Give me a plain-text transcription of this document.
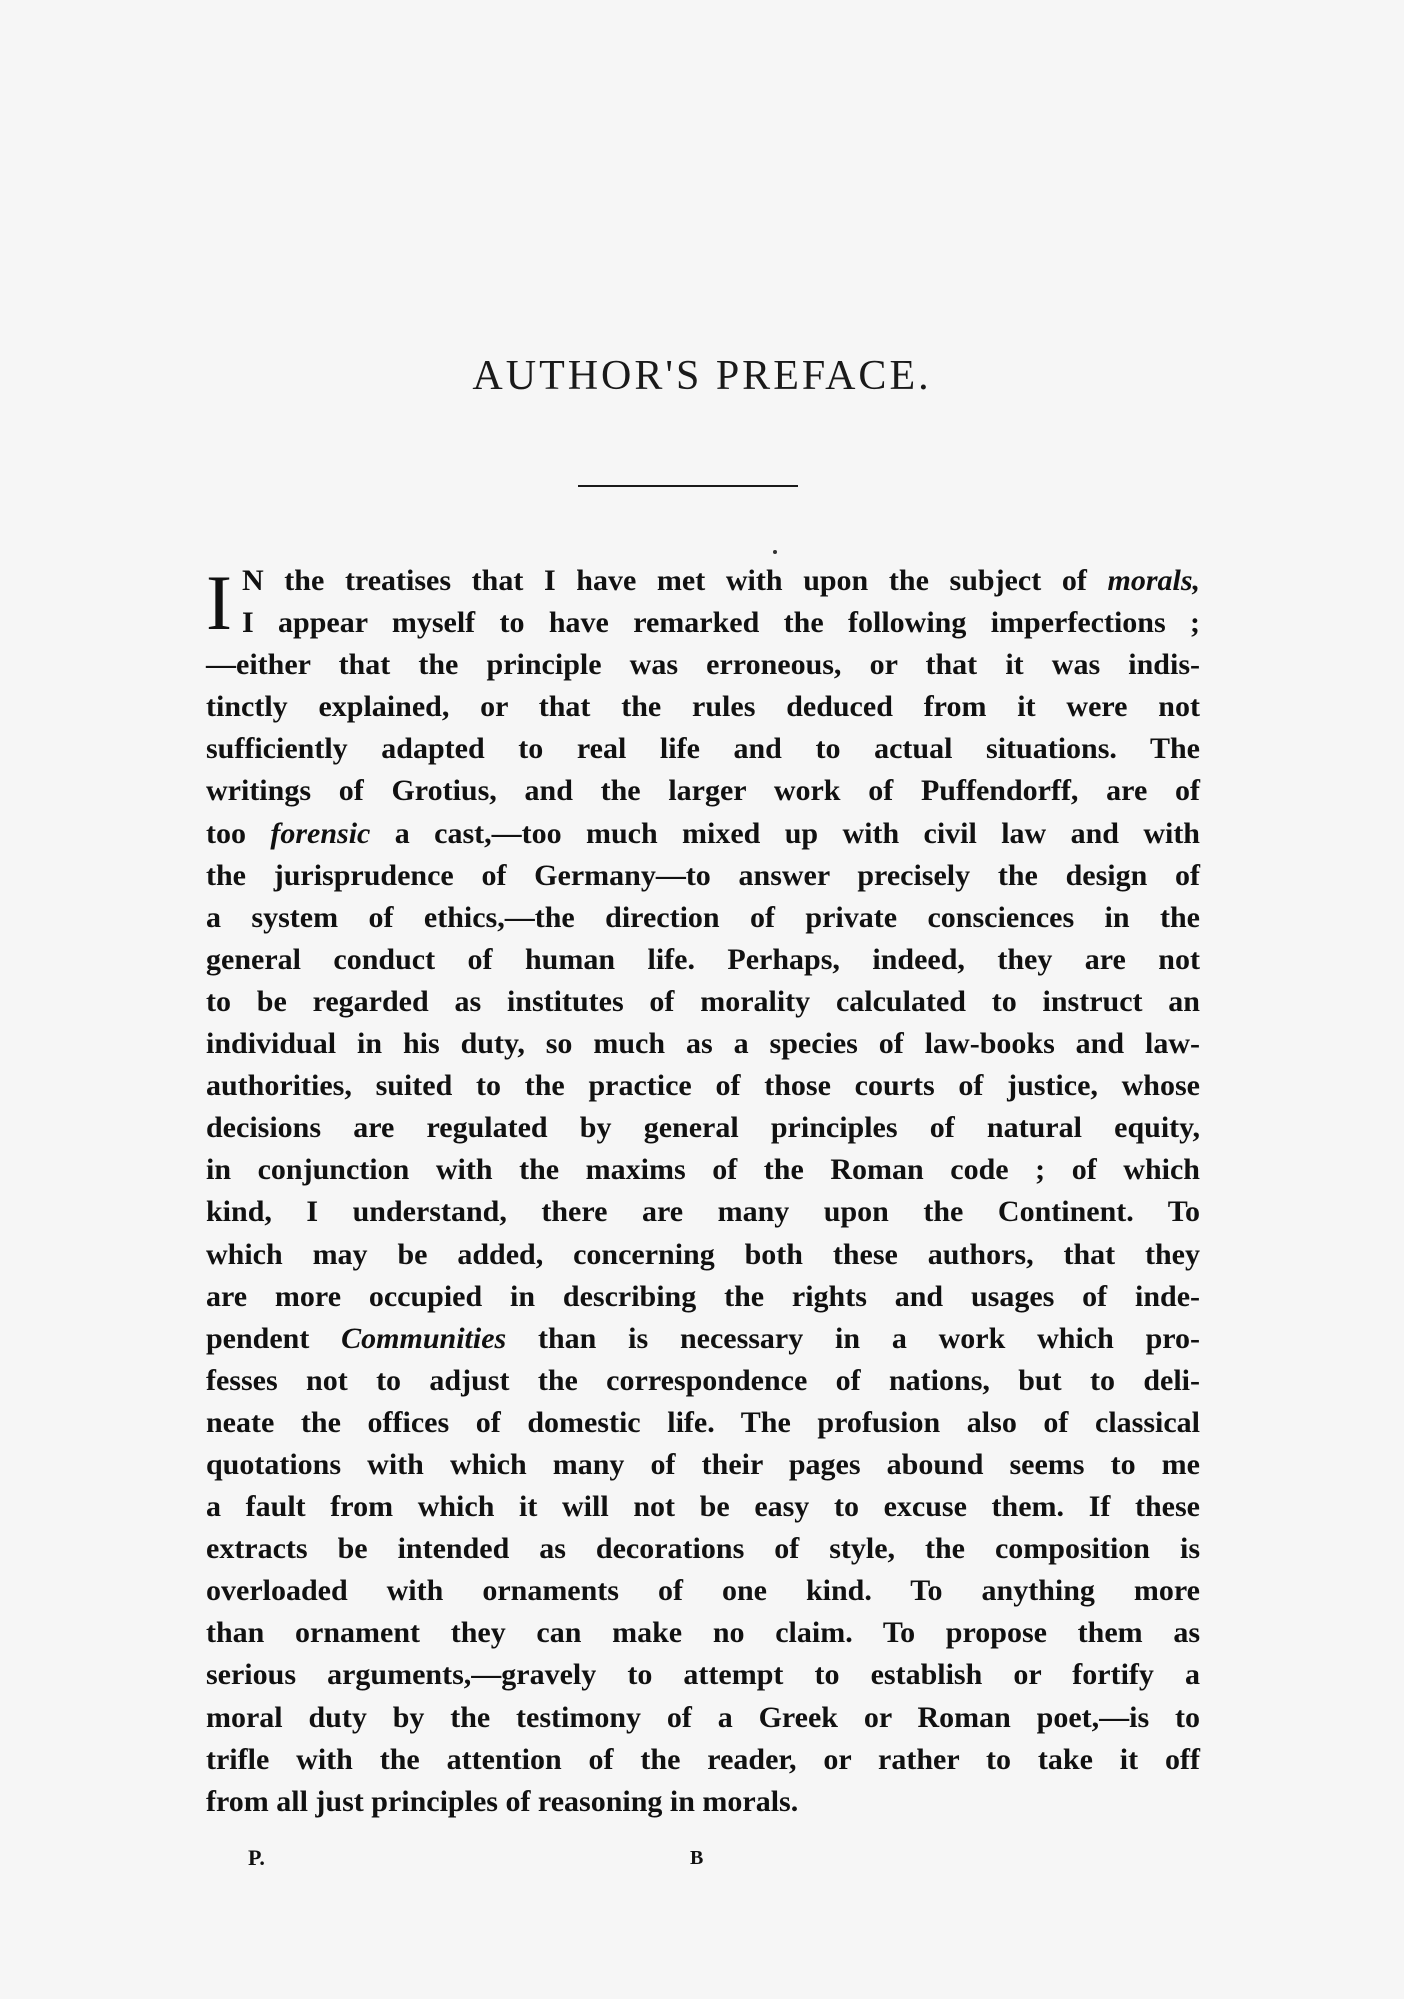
AUTHOR'S PREFACE.
I N the treatises that I have met with upon the subject of morals,
I appear myself to have remarked the following imperfections ;
—either that the principle was erroneous, or that it was indis-
tinctly explained, or that the rules deduced from it were not
sufficiently adapted to real life and to actual situations. The
writings of Grotius, and the larger work of Puffendorff, are of
too forensic a cast,—too much mixed up with civil law and with
the jurisprudence of Germany—to answer precisely the design of
a system of ethics,—the direction of private consciences in the
general conduct of human life. Perhaps, indeed, they are not
to be regarded as institutes of morality calculated to instruct an
individual in his duty, so much as a species of law-books and law-
authorities, suited to the practice of those courts of justice, whose
decisions are regulated by general principles of natural equity,
in conjunction with the maxims of the Roman code ; of which
kind, I understand, there are many upon the Continent. To
which may be added, concerning both these authors, that they
are more occupied in describing the rights and usages of inde-
pendent Communities than is necessary in a work which pro-
fesses not to adjust the correspondence of nations, but to deli-
neate the offices of domestic life. The profusion also of classical
quotations with which many of their pages abound seems to me
a fault from which it will not be easy to excuse them. If these
extracts be intended as decorations of style, the composition is
overloaded with ornaments of one kind. To anything more
than ornament they can make no claim. To propose them as
serious arguments,—gravely to attempt to establish or fortify a
moral duty by the testimony of a Greek or Roman poet,—is to
trifle with the attention of the reader, or rather to take it off
from all just principles of reasoning in morals.
P.	B
